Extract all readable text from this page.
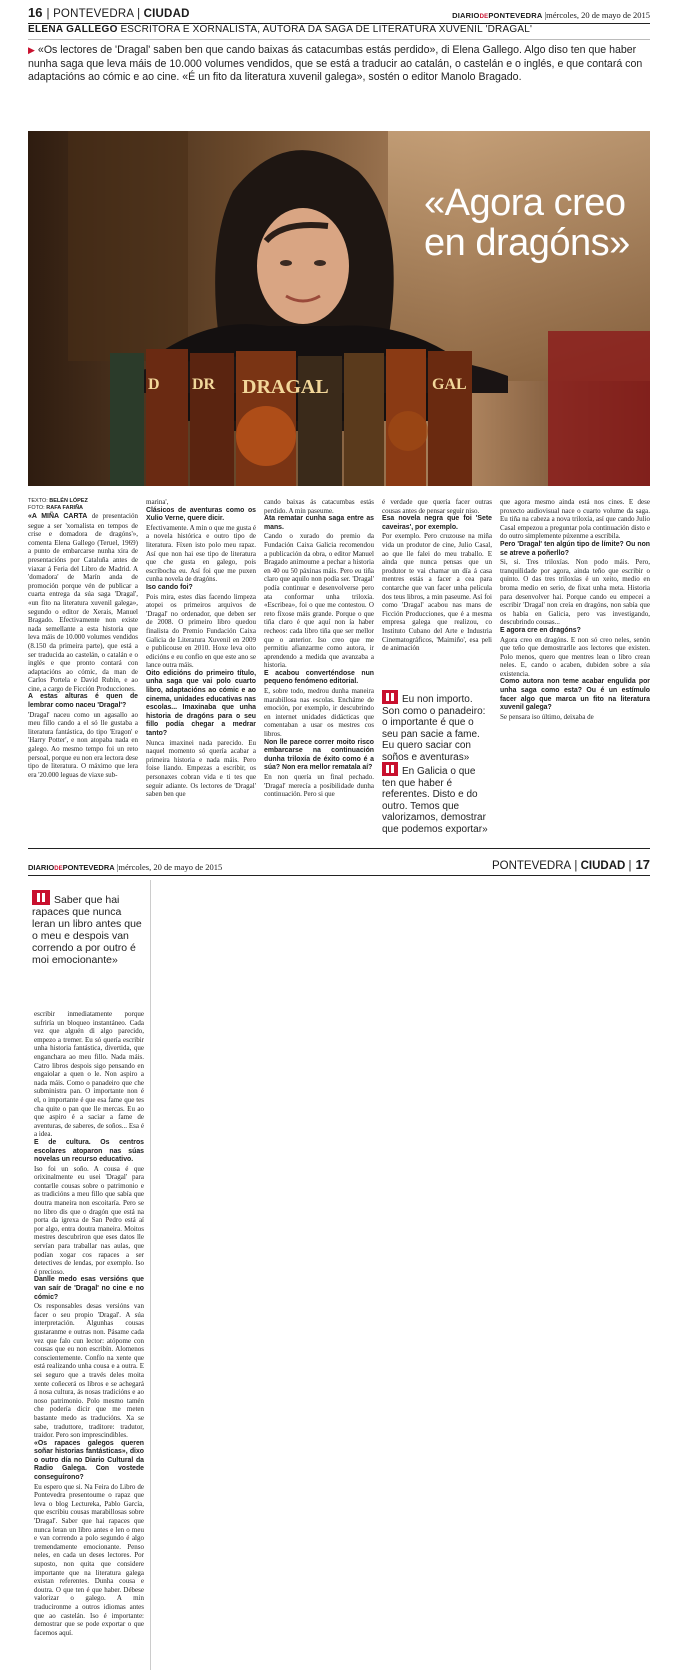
16 | PONTEVEDRA | CIUDAD	DIARIODEPONTEVEDRA |mércoles, 20 de mayo de 2015
ELENA GALLEGO ESCRITORA E XORNALISTA, AUTORA DA SAGA DE LITERATURA XUVENIL 'DRAGAL'
▶ «Os lectores de 'Dragal' saben ben que cando baixas ás catacumbas estás perdido», di Elena Gallego. Algo diso ten que haber nunha saga que leva máis de 10.000 volumes vendidos, que se está a traducir ao catalán, o castelán e o inglés, e que contará con adaptacións ao cómic e ao cine. «É un fito da literatura xuvenil galega», sostén o editor Manolo Bragado.
D DR DRAGAL	GAL
«Agora creo en dragóns»
TEXTO: BELÉN LÓPEZ
FOTO: RAFA FARIÑA

«A MIÑA CARTA de presentación segue a ser 'xornalista en tempos de crise e domadora de dragóns'», comenta Elena Gallego (Teruel, 1969) a punto de embarcarse nunha xira de presentacións por Cataluña antes de viaxar á Feria del Libro de Madrid. A 'domadora' de Marín anda de promoción porque vén de publicar a cuarta entrega da súa saga 'Dragal', «un fito na literatura xuvenil galega», segundo o editor de Xerais, Manuel Bragado. Efectivamente non existe nada semellante a esta historia que leva máis de 10.000 volumes vendidos (8.150 da primeira parte), que está a ser traducida ao castelán, o catalán e o inglés e que pronto contará con adaptacións ao cómic, da man de Carlos Portela e David Rubín, e ao cine, a cargo de Ficción Producciones.

A estas alturas é quen de lembrar como naceu 'Dragal'?

'Dragal' naceu como un agasallo ao meu fillo cando a el só lle gustaba a literatura fantástica, do tipo 'Eragon' e 'Harry Potter', e non atopaba nada en galego. Ao mesmo tempo foi un reto persoal, porque eu non era lectora dese tipo de literatura. O máximo que lera era '20.000 leguas de viaxe sub-

marina',

Clásicos de aventuras como os Xulio Verne, quere dicir.

Efectivamente. A min o que me gusta é a novela histórica e outro tipo de literatura. Fíxen isto polo meu rapaz. Así que non hai ese tipo de literatura que che gusta en galego, pois escríbocha eu. Así foi que me puxen cunha novela de dragóns.

Iso cando foi?

Pois mira, estes días facendo limpeza atopei os primeiros arquivos de 'Dragal' no ordenador, que deben ser de 2008. O primeiro libro quedou finalista do Premio Fundación Caixa Galicia de Literatura Xuvenil en 2009 e publicouse en 2010. Hoxe leva oito edicións e eu confío en que este ano se lance outra máis.

Oito edicións do primeiro título, unha saga que vai polo cuarto libro, adaptacións ao cómic e ao cinema, unidades educativas nas escolas... Imaxinaba que unha historia de dragóns para o seu fillo podía chegar a medrar tanto?

Nunca imaxinei nada parecido. Eu naquel momento só quería acabar a primeira historia e nada máis. Pero foise liando. Empezas a escribir, os personaxes cobran vida e ti tes que seguir adiante. Os lectores de 'Dragal' saben ben que

cando baixas ás catacumbas estás perdido. A min paseume.

Ata rematar cunha saga entre as mans.

Cando o xurado do premio da Fundación Caixa Galicia recomendou a publicación da obra, o editor Manuel Bragado animoume a pechar a historia en 40 ou 50 páxinas máis. Pero eu tiña claro que aquilo non podía ser. 'Dragal' podía continuar e desenvolverse pero ata conformar unha triloxía. «Escribea», foi o que me contestou. O reto fíxose máis grande. Porque o que tiña claro é que aquí non ía haber recheos: cada libro tiña que ser mellor que o anterior. Iso creo que me permitiu afianzarme como autora, ir aprendendo a medida que avanzaba a historia.

E acabou converténdose nun pequeno fenómeno editorial.

E, sobre todo, medrou dunha maneira marabillosa nas escolas. Encháme de emoción, por exemplo, ir descubrindo en internet unidades didácticas que comentaban a usar os mestres cos libros.

Non lle parece correr moito risco embarcarse na continuación dunha triloxía de éxito como é a súa? Non era mellor rematala aí?

En non quería un final pechado. 'Dragal' merecía a posibilidade dunha continuación. Pero si que

é verdade que quería facer outras cousas antes de pensar seguir niso.

Esa novela negra que foi 'Sete caveiras', por exemplo.

Por exemplo. Pero cruzouse na miña vida un produtor de cine, Julio Casal, ao que lle falei do meu traballo. E ainda que nunca pensas que un produtor te vai chamar un día á casa mentres estás a facer a cea para contarche que van facer unha película dos teus libros, a min paseume. Así foi como 'Dragal' acabou nas mans de Ficción Producciones, que é a mesma empresa galega que realizou, co Instituto Cubano del Arte e Industria Cinematográficos, 'Maimiño', esa peli de animación

Eu non importo. Son como o panadeiro: o importante é que o seu pan sacie a fame. Eu quero saciar con soños e aventuras»
En Galicia o que ten que haber é referentes. Disto e do outro. Temos que valorizamos, demostrar que podemos exportar»

que agora mesmo ainda está nos cines. E dese proxecto audiovisual nace o cuarto volume da saga. Eu tiña na cabeza a nova triloxía, así que cando Julio Casal empezou a preguntar pola continuación disto e do outro simplemente púxenme a escribila.

Pero 'Dragal' ten algún tipo de límite? Ou non se atreve a poñerllo?

Si, si. Tres triloxías. Non podo máis. Pero, tranquilidade por agora, ainda teño que escribir o quinto. O das tres triloxías é un xeito, medio en broma medio en serio, de fixat unha meta. Historia para desenvolver hai. Porque cando eu empecei a escribir 'Dragal' non creía en dragóns, non sabía que os había en Galicia, pero vas investigando, descubrindo cousas...

E agora cre en dragóns?

Agora creo en dragóns. E non só creo neles, senón que teño que demostrarlle aos lectores que existen. Polo menos, quero que mentres lean o libro crean neles. E, cando o acaben, dubiden sobre a súa existencia.

Como autora non teme acabar engulida por unha saga como esta? Ou é un estímulo facer algo que marca un fito na literatura xuvenil galega?

Se pensara iso último, deixaba de

DIARIODEPONTEVEDRA |mércoles, 20 de mayo de 2015	PONTEVEDRA | CIUDAD | 17
Saber que hai rapaces que nunca leran un libro antes que o meu e despois van correndo a por outro é moi emocionante»

escribir inmediatamente porque sufriría un bloqueo instantáneo. Cada vez que alguén di algo parecido, empezo a tremer. Eu só quería escribir unha historia fantástica, divertida, que enganchara ao meu fillo. Nada máis. Catro libros despois sigo pensando en engaiolar a quen o le. Non aspiro a nada máis. Como o panadeiro que che subministra pan. O importante non é el, o importante é que esa fame que tes cha quite o pan que lle mercas. Eu ao que aspiro é a saciar a fame de aventuras, de saberes, de soños... Esa é a idea.

E de cultura. Os centros escolares atoparon nas súas novelas un recurso educativo.

Iso foi un soño. A cousa é que orixinalmente eu usei 'Dragal' para contarlle cousas sobre o patrimonio e as tradicións a meu fillo que sabía que doutra maneira non escoitaría. Pero se no libro dis que o dragón que está na porta da igrexa de San Pedro está aí por algo, entra doutra maneira. Moitos mestres descubriron que eses datos lle servían para traballar nas aulas, que podían xogar cos rapaces a ser detectives de lendas, por exemplo. Iso é precioso.

Danlle medo esas versións que van saír de 'Dragal' no cine e no cómic?

Os responsables desas versións van facer o seu propio 'Dragal'. A súa interpretación. Algunhas cousas gustaranme e outras non. Pásame cada vez que falo cun lector: atópome con cousas que eu non escribín. Alomenos conscientemente. Confío na xente que está realizando unha cousa e a outra. E sei seguro que a través deles moita xente coñecerá os libros e se achegará á nosa cultura, ás nosas tradicións e ao noso patrimonio. Polo mesmo tamén che podería dicir que me meten bastante medo as traducións. Xa se sabe, traduttore, traditore: tradutor, traidor. Pero son imprescindibles.

«Os rapaces galegos queren soñar historias fantásticas», dixo o outro día no Diario Cultural da Radio Galega. Con vostede conseguírono?

Eu espero que si. Na Feira do Libro de Pontevedra presentoume o rapaz que leva o blog Lectureka, Pablo García, que escribiu cousas marabillosas sobre 'Dragal'. Saber que hai rapaces que nunca leran un libro antes e len o meu e van correndo a polo segundo é algo tremendamente emocionante. Penso neles, en cada un deses lectores. Por suposto, non quita que considere importante que na literatura galega existan referentes. Dunha cousa e doutra. O que ten é que haber. Débese valorizar o galego. A min traducironme a outros idiomas antes que ao castelán. Iso é importante: demostrar que se pode exportar o que facemos aquí.
